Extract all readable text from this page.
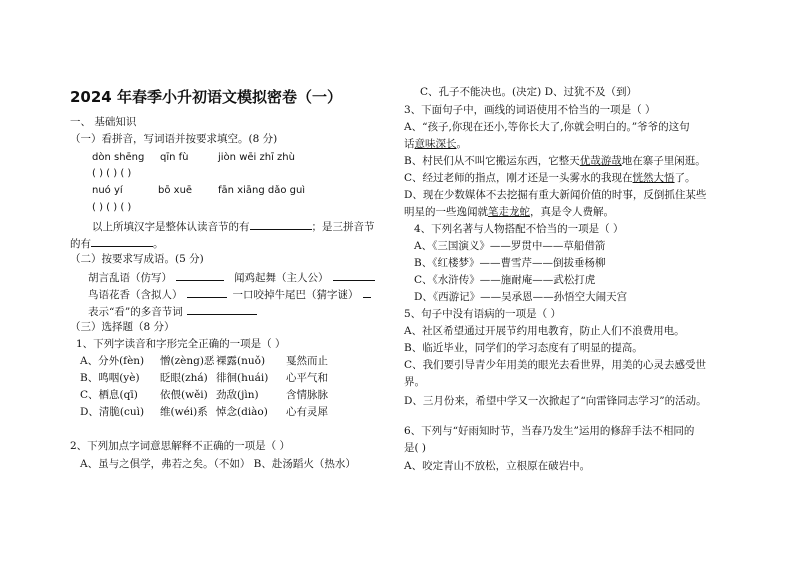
2024 年春季小升初语文模拟密卷（一）
一、 基础知识
（一）看拼音，写词语并按要求填空。(8 分)
dòn shēng qīn fù	jiòn wēi zhī zhù
( ) ( ) ( )
nuó yí	bō xuē	fān xiāng dǎo guì
( ) ( ) ( )
以上所填汉字是整体认读音节的有	；是三拼音节
的有	。
（二）按要求写成语。(5 分)
胡言乱语（仿写）	闻鸡起舞（主人公）
鸟语花香（含拟人）	一口咬掉牛尾巴（猜字谜）
表示“看”的多音节词
（三）选择题（8 分）
1、下列字读音和字形完全正确的一项是（ ）
A、分外(fèn) 憎(zèng)恶 裸露(nuǒ) 戛然而止
B、鸣咽(yè) 眨眼(zhá) 徘徊(huái) 心平气和
C、栖息(qī) 依偎(wěi) 劲敌(jìn)	含情脉脉
D、清脆(cuì) 维(wéi)系 悼念(diào) 心有灵犀
2、下列加点字词意思解释不正确的一项是（ ）
A、虽与之俱学，弗若之矣。（不如） B、赴汤蹈火（热水）
C、孔子不能决也。(决定) D、过犹不及（到）
3、下面句子中，画线的词语使用不恰当的一项是（ ）
A、“孩子,你现在还小,等你长大了,你就会明白的。”爷爷的这句
话意味深长。
B、村民们从不叫它搬运东西，它整天优哉游哉地在寨子里闲逛。
C、经过老师的指点，刚才还是一头雾水的我现在恍然大悟了。
D、现在少数媒体不去挖掘有重大新闻价值的时事，反倒抓住某些
明星的一些逸闻就笔走龙蛇，真是令人费解。
4、下列名著与人物搭配不恰当的一项是（ ）
A、《三国演义》——罗贯中——草船借箭
B、《红楼梦》——曹雪芹——倒拔垂杨柳
C、《水浒传》——施耐庵——武松打虎
D、《西游记》——吴承恩——孙悟空大闹天宫
5、句子中没有语病的一项是（ ）
A、社区希望通过开展节约用电教育，防止人们不浪费用电。
B、临近毕业，同学们的学习态度有了明显的提高。
C、我们要引导青少年用美的眼光去看世界，用美的心灵去感受世
界。
D、三月份来，希望中学又一次掀起了“向雷锋同志学习”的活动。
6、下列与“好雨知时节，当春乃发生”运用的修辞手法不相同的
是( )
A、咬定青山不放松，立根原在破岩中。
